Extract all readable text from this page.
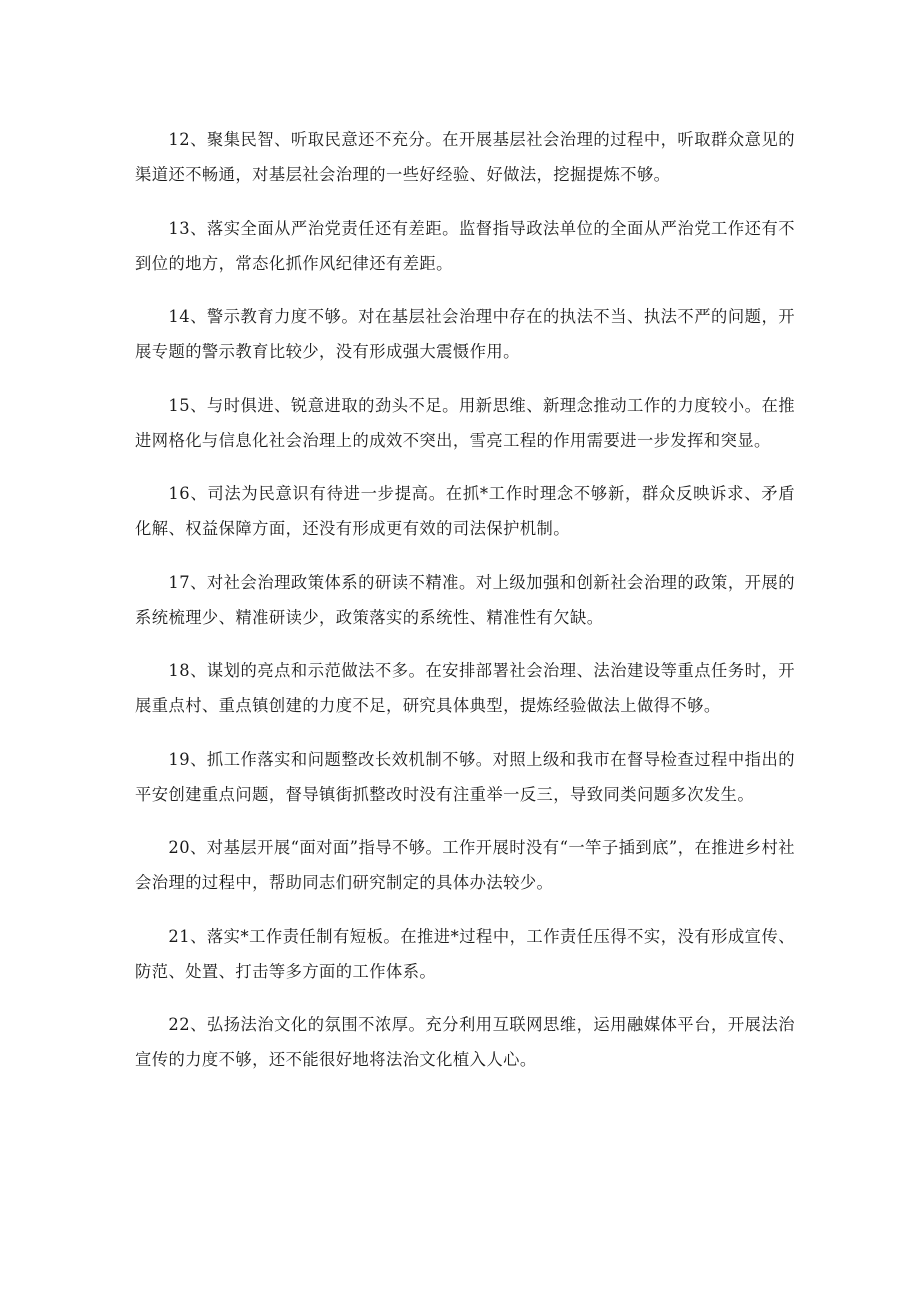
12、聚集民智、听取民意还不充分。在开展基层社会治理的过程中，听取群众意见的渠道还不畅通，对基层社会治理的一些好经验、好做法，挖掘提炼不够。

13、落实全面从严治党责任还有差距。监督指导政法单位的全面从严治党工作还有不到位的地方，常态化抓作风纪律还有差距。

14、警示教育力度不够。对在基层社会治理中存在的执法不当、执法不严的问题，开展专题的警示教育比较少，没有形成强大震慑作用。

15、与时俱进、锐意进取的劲头不足。用新思维、新理念推动工作的力度较小。在推进网格化与信息化社会治理上的成效不突出，雪亮工程的作用需要进一步发挥和突显。

16、司法为民意识有待进一步提高。在抓*工作时理念不够新，群众反映诉求、矛盾化解、权益保障方面，还没有形成更有效的司法保护机制。

17、对社会治理政策体系的研读不精准。对上级加强和创新社会治理的政策，开展的系统梳理少、精准研读少，政策落实的系统性、精准性有欠缺。

18、谋划的亮点和示范做法不多。在安排部署社会治理、法治建设等重点任务时，开展重点村、重点镇创建的力度不足，研究具体典型，提炼经验做法上做得不够。

19、抓工作落实和问题整改长效机制不够。对照上级和我市在督导检查过程中指出的平安创建重点问题，督导镇街抓整改时没有注重举一反三，导致同类问题多次发生。

20、对基层开展“面对面”指导不够。工作开展时没有“一竿子插到底”，在推进乡村社会治理的过程中，帮助同志们研究制定的具体办法较少。

21、落实*工作责任制有短板。在推进*过程中，工作责任压得不实，没有形成宣传、防范、处置、打击等多方面的工作体系。

22、弘扬法治文化的氛围不浓厚。充分利用互联网思维，运用融媒体平台，开展法治宣传的力度不够，还不能很好地将法治文化植入人心。
